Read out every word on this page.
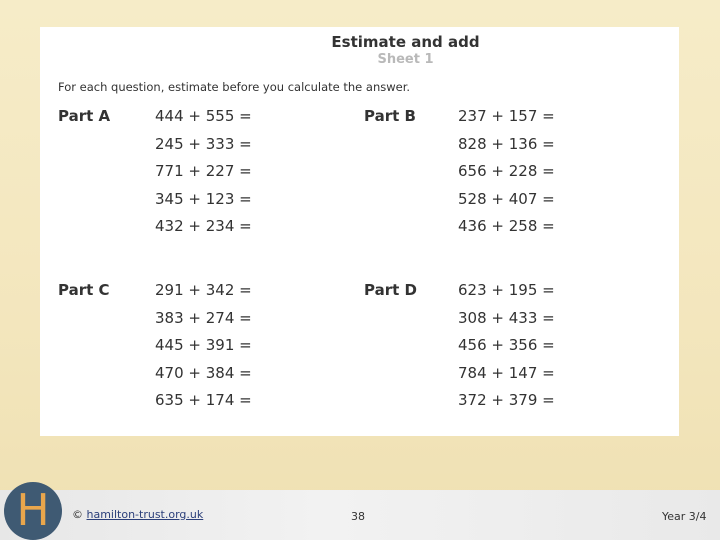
Estimate and add
Sheet 1
For each question, estimate before you calculate the answer.
Part A	444 + 555 =
245 + 333 =
771 + 227 =
345 + 123 =
432 + 234 =
Part B	237 + 157 =
828 + 136 =
656 + 228 =
528 + 407 =
436 + 258 =
Part C	291 + 342 =
383 + 274 =
445 + 391 =
470 + 384 =
635 + 174 =
Part D	623 + 195 =
308 + 433 =
456 + 356 =
784 + 147 =
372 + 379 =
H © hamilton-trust.org.uk	38	Year 3/4
